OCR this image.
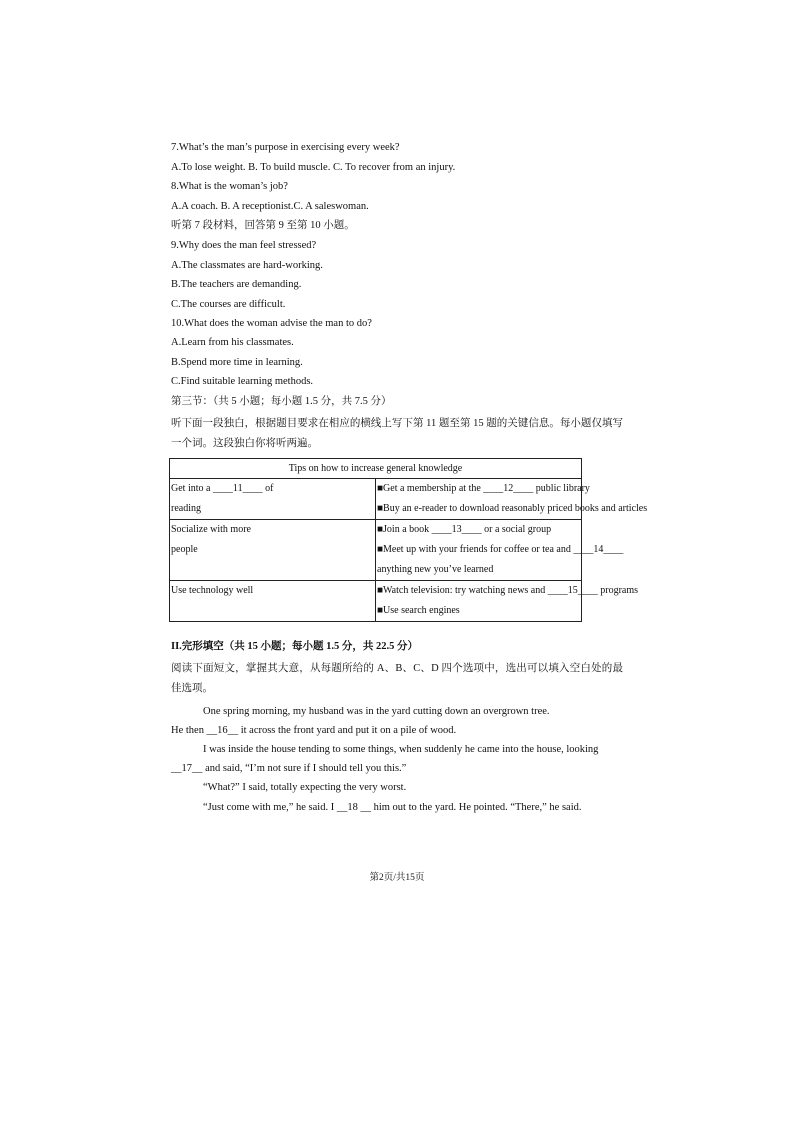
7.What’s the man’s purpose in exercising every week?
A.To lose weight. B. To build muscle. C. To recover from an injury.
8.What is the woman’s job?
A.A coach. B. A receptionist.C. A saleswoman.
听第 7 段材料，回答第 9 至第 10 小题。
9.Why does the man feel stressed?
A.The classmates are hard-working.
B.The teachers are demanding.
C.The courses are difficult.
10.What does the woman advise the man to do?
A.Learn from his classmates.
B.Spend more time in learning.
C.Find suitable learning methods.
第三节：（共 5 小题；每小题 1.5 分，共 7.5 分）
听下面一段独白，根据题目要求在相应的横线上写下第 11 题至第 15 题的关键信息。每小题仅填写一个词。这段独白你将听两遍。
Tips on how to increase general knowledge	

Get into a ____11____ of
reading	■Get a membership at the ____12____ public library
■Buy an e-reader to download reasonably priced books and articles

Socialize with more
people	■Join a book ____13____ or a social group
■Meet up with your friends for coffee or tea and ____14____
anything new you’ve learned

Use technology well	■Watch television: try watching news and ____15____ programs
■Use search engines
II.完形填空（共 15 小题；每小题 1.5 分，共 22.5 分）
阅读下面短文，掌握其大意，从每题所给的 A、B、C、D 四个选项中，选出可以填入空白处的最佳选项。
One spring morning, my husband was in the yard cutting down an overgrown tree.
He then __16__ it across the front yard and put it on a pile of wood.
I was inside the house tending to some things, when suddenly he came into the house, looking
__17__ and said, “I’m not sure if I should tell you this.”
“What?” I said, totally expecting the very worst.
“Just come with me,” he said. I __18 __ him out to the yard. He pointed. “There,” he said.
第2页/共15页
